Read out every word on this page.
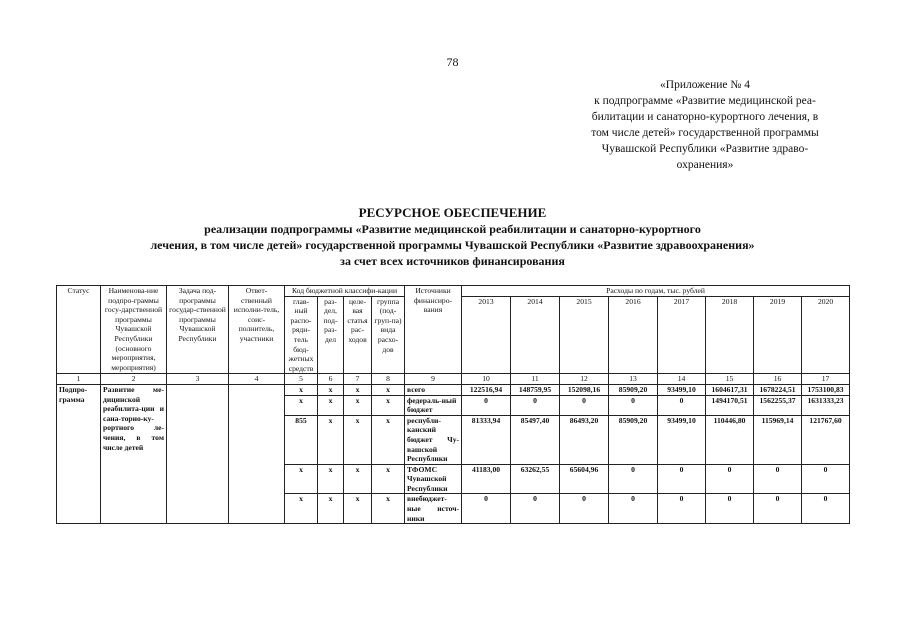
78
«Приложение № 4
к подпрограмме «Развитие медицинской реа-
билитации и санаторно-курортного лечения, в
том числе детей» государственной программы
Чувашской Республики «Развитие здраво-
охранения»
РЕСУРСНОЕ ОБЕСПЕЧЕНИЕ
реализации подпрограммы «Развитие медицинской реабилитации и санаторно-курортного
лечения, в том числе детей» государственной программы Чувашской Республики «Развитие здравоохранения»
за счет всех источников финансирования
Статус	Наименова-ние подпро-граммы госу-дарственной программы Чувашской Республики (основного мероприятия, мероприятия)	Задача под-программы государ-ственной программы Чувашской Республики	Ответ-ственный исполни-тель, соис-полнитель, участники	Код бюджетной классифи-кации				Источники финансиро-вания	Расходы по годам, тыс. рублей							
				глав-ный распо-ряди-тель бюд-жетных средств	раз-дел, под-раз-дел	целе-вая статья рас-ходов	группа (под-груп-па) вида расхо-дов		2013	2014	2015	2016	2017	2018	2019	2020
1	2	3	4	5	6	7	8	9	10	11	12	13	14	15	16	17
Подпро-грамма	Развитие ме-дицинской реабилита-ции и сана-торно-ку-рортного ле-чения, в том числе детей			x	x	x	x	всего	122516,94	148759,95	152098,16	85909,20	93499,10	1604617,31	1678224,51	1753100,83
				x	x	x	x	федераль-ный бюджет	0	0	0	0	0	1494170,51	1562255,37	1631333,23
				855	x	x	x	республи-канский бюджет Чу-вашской Республики	81333,94	85497,40	86493,20	85909,20	93499,10	110446,80	115969,14	121767,60
				x	x	x	x	ТФОМС Чувашской Республики	41183,00	63262,55	65604,96	0	0	0	0	0
				x	x	x	x	внебюджет-ные источ-ники	0	0	0	0	0	0	0	0
